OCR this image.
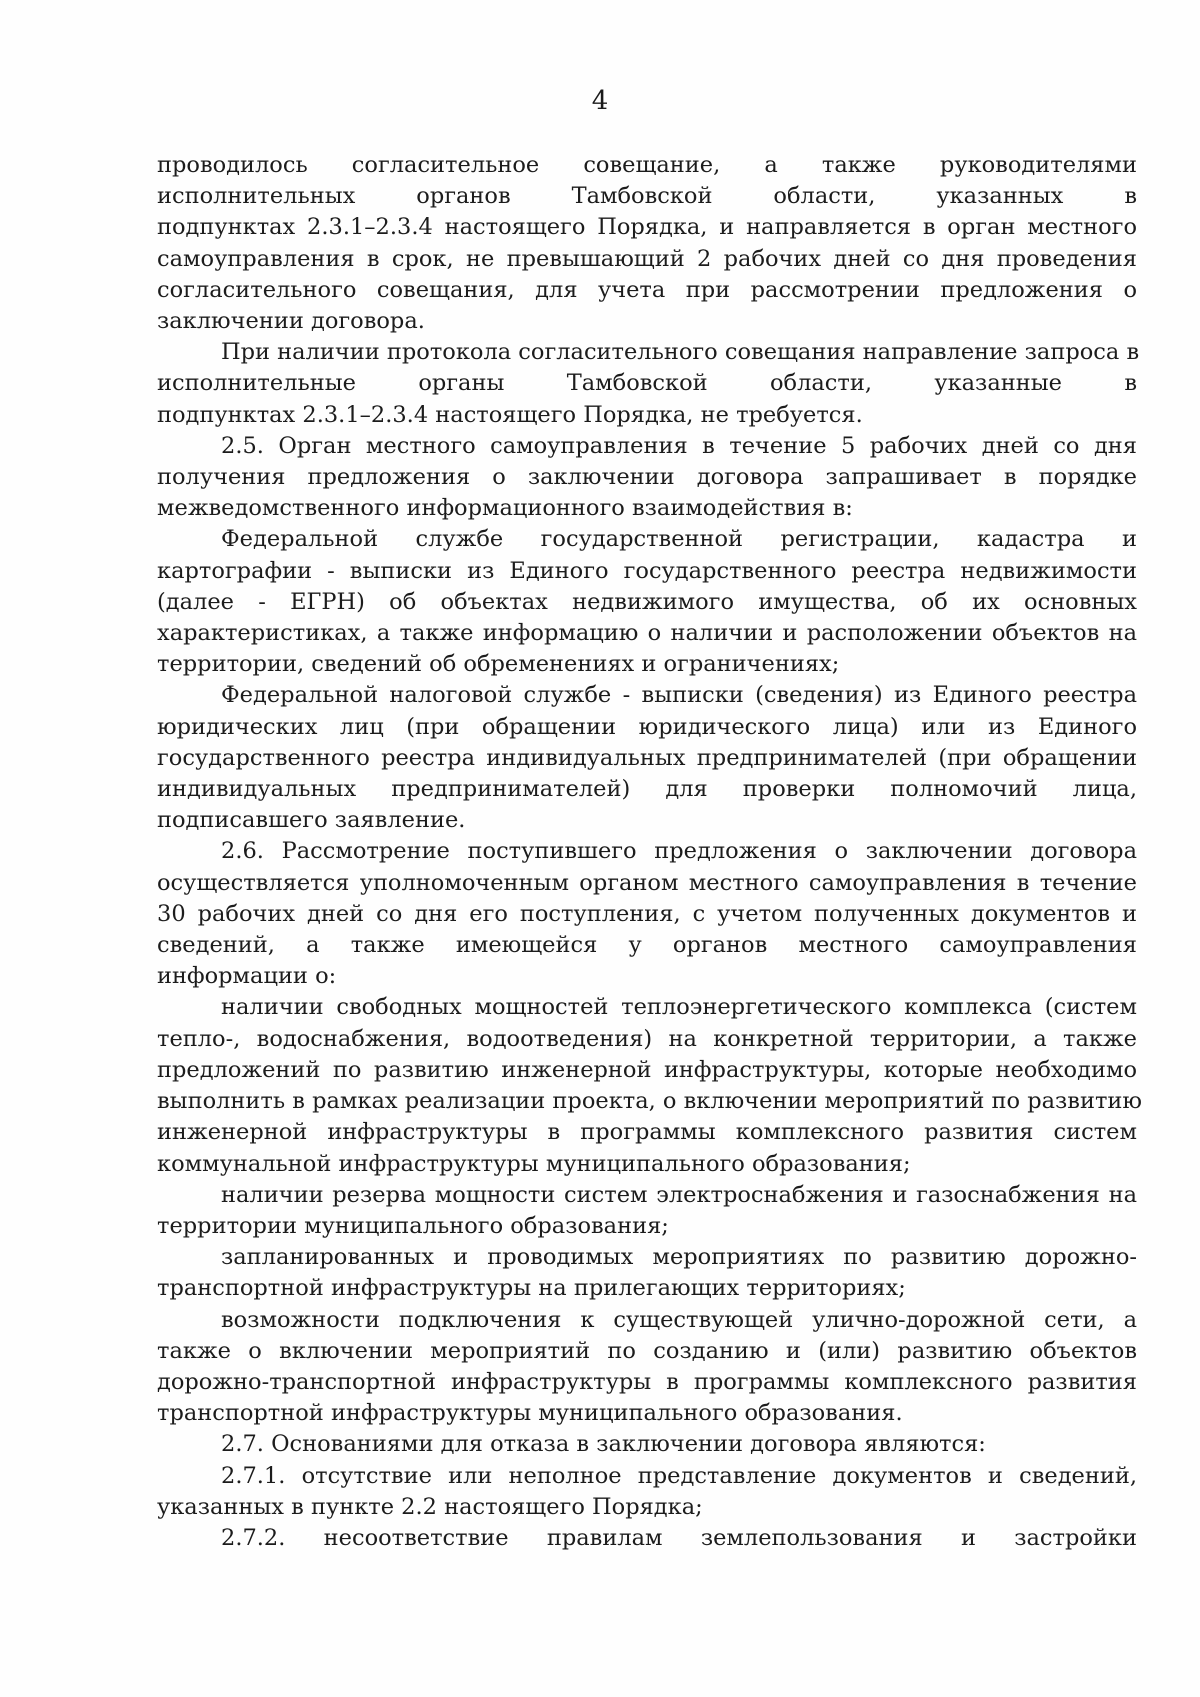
4
проводилось согласительное совещание, а также руководителями
исполнительных органов Тамбовской области, указанных в
подпунктах 2.3.1–2.3.4 настоящего Порядка, и направляется в орган местного
самоуправления в срок, не превышающий 2 рабочих дней со дня проведения
согласительного совещания, для учета при рассмотрении предложения о
заключении договора.
При наличии протокола согласительного совещания направление запроса в
исполнительные органы Тамбовской области, указанные в
подпунктах 2.3.1–2.3.4 настоящего Порядка, не требуется.
2.5. Орган местного самоуправления в течение 5 рабочих дней со дня
получения предложения о заключении договора запрашивает в порядке
межведомственного информационного взаимодействия в:
Федеральной службе государственной регистрации, кадастра и
картографии - выписки из Единого государственного реестра недвижимости
(далее - ЕГРН) об объектах недвижимого имущества, об их основных
характеристиках, а также информацию о наличии и расположении объектов на
территории, сведений об обременениях и ограничениях;
Федеральной налоговой службе - выписки (сведения) из Единого реестра
юридических лиц (при обращении юридического лица) или из Единого
государственного реестра индивидуальных предпринимателей (при обращении
индивидуальных предпринимателей) для проверки полномочий лица,
подписавшего заявление.
2.6. Рассмотрение поступившего предложения о заключении договора
осуществляется уполномоченным органом местного самоуправления в течение
30 рабочих дней со дня его поступления, с учетом полученных документов и
сведений, а также имеющейся у органов местного самоуправления
информации о:
наличии свободных мощностей теплоэнергетического комплекса (систем
тепло-, водоснабжения, водоотведения) на конкретной территории, а также
предложений по развитию инженерной инфраструктуры, которые необходимо
выполнить в рамках реализации проекта, о включении мероприятий по развитию
инженерной инфраструктуры в программы комплексного развития систем
коммунальной инфраструктуры муниципального образования;
наличии резерва мощности систем электроснабжения и газоснабжения на
территории муниципального образования;
запланированных и проводимых мероприятиях по развитию дорожно-
транспортной инфраструктуры на прилегающих территориях;
возможности подключения к существующей улично-дорожной сети, а
также о включении мероприятий по созданию и (или) развитию объектов
дорожно-транспортной инфраструктуры в программы комплексного развития
транспортной инфраструктуры муниципального образования.
2.7. Основаниями для отказа в заключении договора являются:
2.7.1. отсутствие или неполное представление документов и сведений,
указанных в пункте 2.2 настоящего Порядка;
2.7.2. несоответствие правилам землепользования и застройки
